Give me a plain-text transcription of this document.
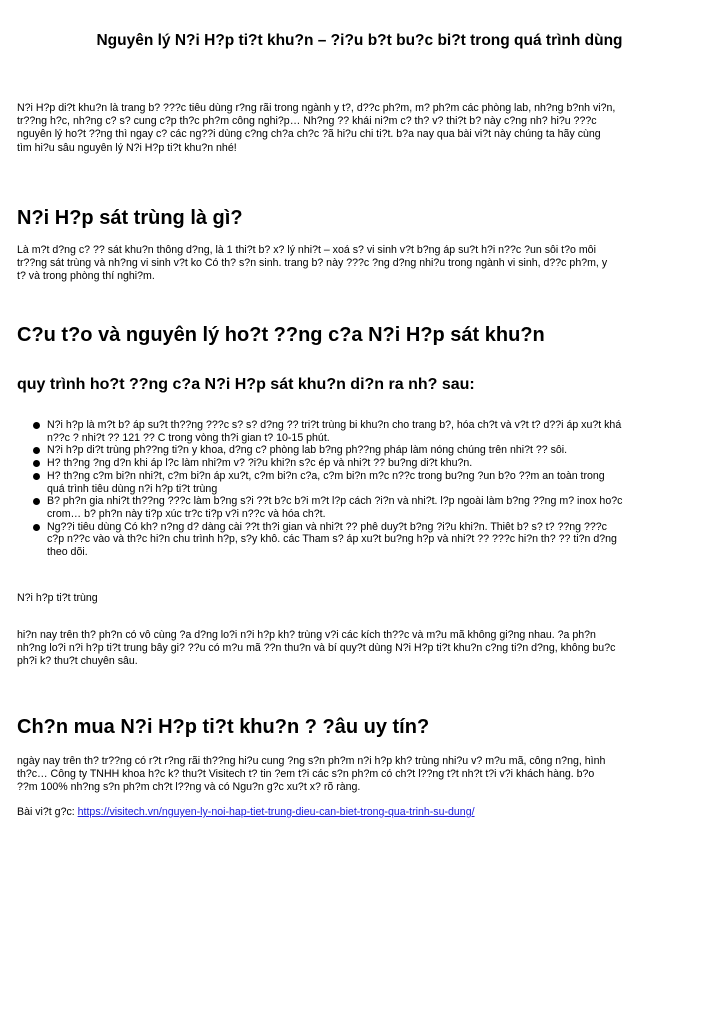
Nguyên lý N?i H?p ti?t khu?n – ?i?u b?t bu?c bi?t trong quá trình dùng

N?i H?p di?t khu?n là trang b? ???c tiêu dùng r?ng rãi trong ngành y t?, d??c ph?m, m? ph?m các phòng lab, nh?ng b?nh vi?n,
tr??ng h?c, nh?ng c? s? cung c?p th?c ph?m công nghi?p… Nh?ng ?? khái ni?m c? th? v? thi?t b? này c?ng nh? hi?u ???c
nguyên lý ho?t ??ng thì ngay c? các ng??i dùng c?ng ch?a ch?c ?ã hi?u chi ti?t. b?a nay qua bài vi?t này chúng ta hãy cùng
tìm hi?u sâu nguyên lý N?i H?p ti?t khu?n nhé!

N?i H?p sát trùng là gì?

Là m?t d?ng c? ?? sát khu?n thông d?ng, là 1 thi?t b? x? lý nhi?t – xoá s? vi sinh v?t b?ng áp su?t h?i n??c ?un sôi t?o môi
tr??ng sát trùng và nh?ng vi sinh v?t ko Có th? s?n sinh. trang b? này ???c ?ng d?ng nhi?u trong ngành vi sinh, d??c ph?m, y
t? và trong phòng thí nghi?m.

C?u t?o và nguyên lý ho?t ??ng c?a N?i H?p sát khu?n
quy trình ho?t ??ng c?a N?i H?p sát khu?n di?n ra nh? sau:
N?i h?p là m?t b? áp su?t th??ng ???c s? s? d?ng ?? tri?t trùng bi khu?n cho trang b?, hóa ch?t và v?t t? d??i áp xu?t khá
n??c ? nhi?t ?? 121 ?? C trong vòng th?i gian t? 10-15 phút.
N?i h?p di?t trùng ph??ng ti?n y khoa, d?ng c? phòng lab b?ng ph??ng pháp làm nóng chúng trên nhi?t ?? sôi.
H? th?ng ?ng d?n khi áp l?c làm nhi?m v? ?i?u khi?n s?c ép và nhi?t ?? bu?ng di?t khu?n.
H? th?ng c?m bi?n nhi?t, c?m bi?n áp xu?t, c?m bi?n c?a, c?m bi?n m?c n??c trong bu?ng ?un b?o ??m an toàn trong
quá trình tiêu dùng n?i h?p ti?t trùng
B? ph?n gia nhi?t th??ng ???c làm b?ng s?i ??t b?c b?i m?t l?p cách ?i?n và nhi?t. l?p ngoài làm b?ng ??ng m? inox ho?c
crom… b? ph?n này ti?p xúc tr?c ti?p v?i n??c và hóa ch?t.
Ng??i tiêu dùng Có kh? n?ng d? dàng cài ??t th?i gian và nhi?t ?? phê duy?t b?ng ?i?u khi?n. Thiêt b? s? t? ??ng ???c
c?p n??c vào và th?c hi?n chu trình h?p, s?y khô. các Tham s? áp xu?t bu?ng h?p và nhi?t ?? ???c hi?n th? ?? ti?n d?ng
theo dõi.

N?i h?p ti?t trùng

hi?n nay trên th? ph?n có vô cùng ?a d?ng lo?i n?i h?p kh? trùng v?i các kích th??c và m?u mã không gi?ng nhau. ?a ph?n
nh?ng lo?i n?i h?p ti?t trung bây gi? ??u có m?u mã ??n thu?n và bí quy?t dùng N?i H?p ti?t khu?n c?ng ti?n d?ng, không bu?c
ph?i k? thu?t chuyên sâu.

Ch?n mua N?i H?p ti?t khu?n ? ?âu uy tín?

ngày nay trên th? tr??ng có r?t r?ng rãi th??ng hi?u cung ?ng s?n ph?m n?i h?p kh? trùng nhi?u v? m?u mã, công n?ng, hình
th?c… Công ty TNHH khoa h?c k? thu?t Visitech t? tin ?em t?i các s?n ph?m có ch?t l??ng t?t nh?t t?i v?i khách hàng. b?o
??m 100% nh?ng s?n ph?m ch?t l??ng và có Ngu?n g?c xu?t x? rõ ràng.

Bài vi?t g?c: https://visitech.vn/nguyen-ly-noi-hap-tiet-trung-dieu-can-biet-trong-qua-trinh-su-dung/
